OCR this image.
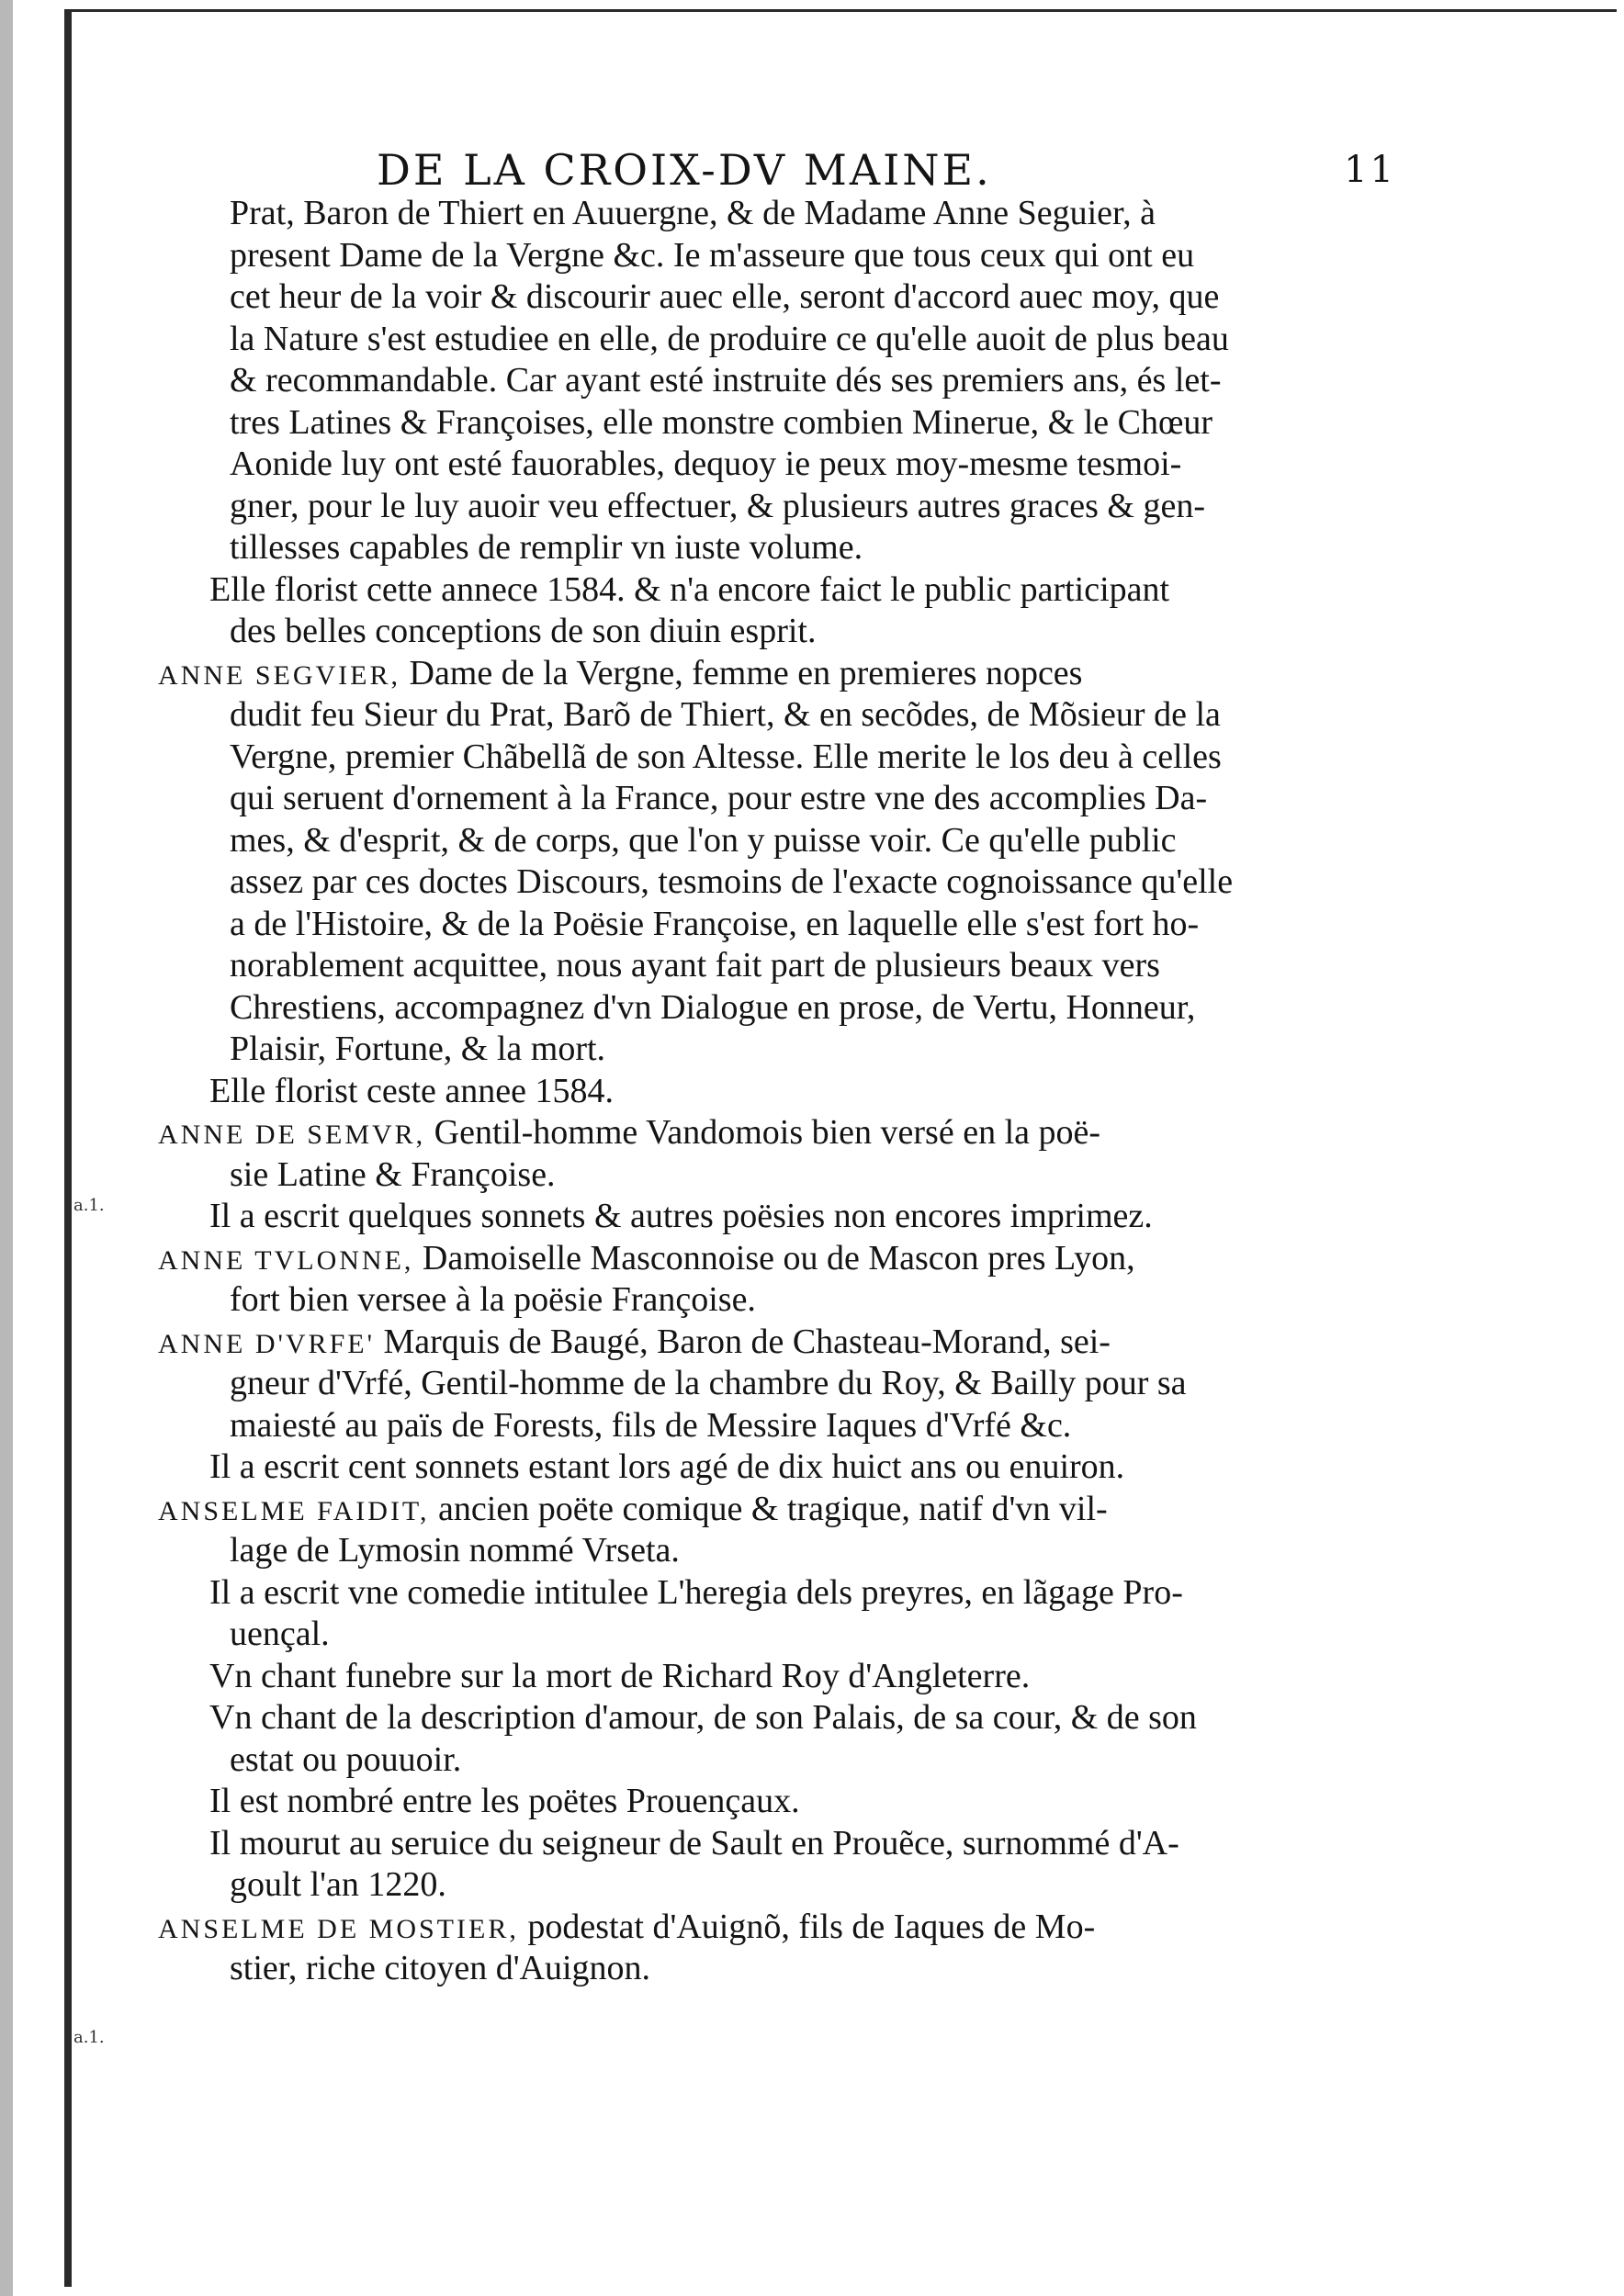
a.1.
a.1.
DE LA CROIX-DV MAINE.	11
Prat, Baron de Thiert en Auuergne, & de Madame Anne Seguier, à
present Dame de la Vergne &c. Ie m'asseure que tous ceux qui ont eu
cet heur de la voir & discourir auec elle, seront d'accord auec moy, que
la Nature s'est estudiee en elle, de produire ce qu'elle auoit de plus beau
& recommandable. Car ayant esté instruite dés ses premiers ans, és let-
tres Latines & Françoises, elle monstre combien Mineruе, & le Chœur
Aonide luy ont esté fauorables, dequoy ie peux moy-mesme tesmoi-
gner, pour le luy auoir veu effectuer, & plusieurs autres graces & gen-
tillesses capables de remplir vn iuste volume.
Elle florist cette annece 1584. & n'a encore faict le public participant
des belles conceptions de son diuin esprit.
ANNE SEGVIER, Dame de la Vergne, femme en premieres nopces
dudit feu Sieur du Prat, Barõ de Thiert, & en secõdes, de Mõsieur de la
Vergne, premier Chãbellã de son Altesse. Elle merite le los deu à celles
qui seruent d'ornement à la France, pour estre vne des accomplies Da-
mes, & d'esprit, & de corps, que l'on y puisse voir. Ce qu'elle public
assez par ces doctes Discours, tesmoins de l'exacte cognoissance qu'elle
a de l'Histoire, & de la Poësie Françoise, en laquelle elle s'est fort ho-
norablement acquittee, nous ayant fait part de plusieurs beaux vers
Chrestiens, accompagnez d'vn Dialogue en prose, de Vertu, Honneur,
Plaisir, Fortune, & la mort.
Elle florist ceste annee 1584.
ANNE DE SEMVR, Gentil-homme Vandomois bien versé en la poë-
sie Latine & Françoise.
Il a escrit quelques sonnets & autres poësies non encores imprimez.
ANNE TVLONNE, Damoiselle Masconnoise ou de Mascon pres Lyon,
fort bien versee à la poësie Françoise.
ANNE D'VRFE' Marquis de Baugé, Baron de Chasteau-Morand, sei-
gneur d'Vrfé, Gentil-homme de la chambre du Roy, & Bailly pour sa
maiesté au païs de Forests, fils de Messire Iaques d'Vrfé &c.
Il a escrit cent sonnets estant lors agé de dix huict ans ou enuiron.
ANSELME FAIDIT, ancien poëte comique & tragique, natif d'vn vil-
lage de Lymosin nommé Vrseta.
Il a escrit vne comedie intitulee L'heregia dels preyres, en lãgage Pro-
uençal.
Vn chant funebre sur la mort de Richard Roy d'Angleterre.
Vn chant de la description d'amour, de son Palais, de sa cour, & de son
estat ou pouuoir.
Il est nombré entre les poëtes Prouençaux.
Il mourut au seruice du seigneur de Sault en Prouẽce, surnommé d'A-
goult l'an 1220.
ANSELME DE MOSTIER, podestat d'Auignõ, fils de Iaques de Mo-
stier, riche citoyen d'Auignon.
